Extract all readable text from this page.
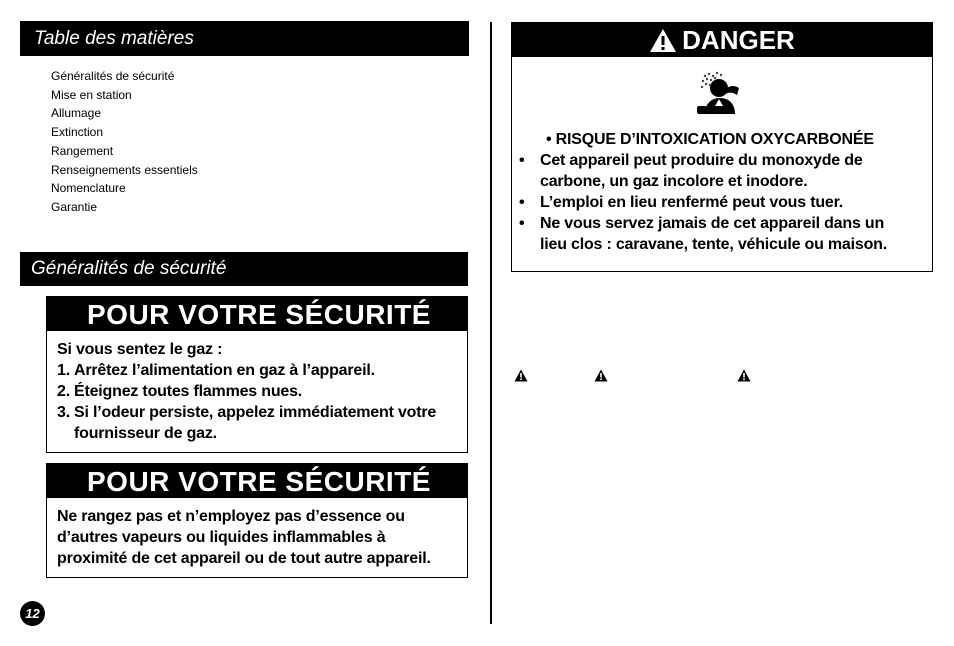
Table des matières
Généralités de sécurité
Mise en station
Allumage
Extinction
Rangement
Renseignements essentiels
Nomenclature
Garantie
Généralités de sécurité
POUR VOTRE SÉCURITÉ
Si vous sentez le gaz :
1. Arrêtez l’alimentation en gaz à l’appareil.
2. Éteignez toutes flammes nues.
3. Si l’odeur persiste, appelez immédiatement votre
fournisseur de gaz.
POUR VOTRE SÉCURITÉ
Ne rangez pas et n’employez pas d’essence ou
d’autres vapeurs ou liquides inflammables à
proximité de cet appareil ou de tout autre appareil.
12
DANGER
• RISQUE D’INTOXICATION OXYCARBONÉE
• Cet appareil peut produire du monoxyde de
carbone, un gaz incolore et inodore.
• L’emploi en lieu renfermé peut vous tuer.
• Ne vous servez jamais de cet appareil dans un
lieu clos : caravane, tente, véhicule ou maison.
